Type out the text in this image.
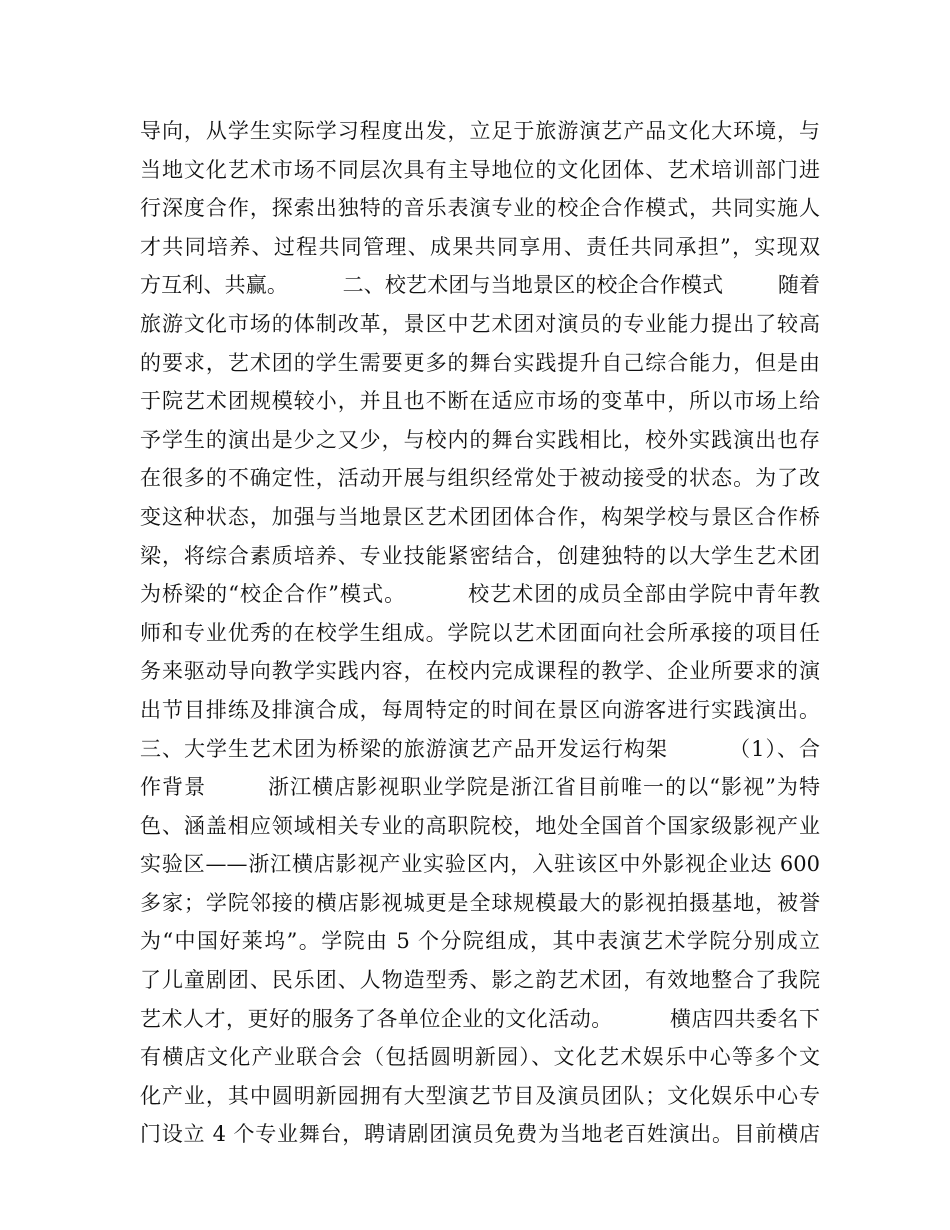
导向，从学生实际学习程度出发，立足于旅游演艺产品文化大环境，与
当地文化艺术市场不同层次具有主导地位的文化团体、艺术培训部门进
行深度合作，探索出独特的音乐表演专业的校企合作模式，共同实施人
才共同培养、过程共同管理、成果共同享用、责任共同承担”，实现双
方互利、共赢。        二、校艺术团与当地景区的校企合作模式        随着
旅游文化市场的体制改革，景区中艺术团对演员的专业能力提出了较高
的要求，艺术团的学生需要更多的舞台实践提升自己综合能力，但是由
于院艺术团规模较小，并且也不断在适应市场的变革中，所以市场上给
予学生的演出是少之又少，与校内的舞台实践相比，校外实践演出也存
在很多的不确定性，活动开展与组织经常处于被动接受的状态。为了改
变这种状态，加强与当地景区艺术团团体合作，构架学校与景区合作桥
梁，将综合素质培养、专业技能紧密结合，创建独特的以大学生艺术团
为桥梁的“校企合作”模式。        校艺术团的成员全部由学院中青年教
师和专业优秀的在校学生组成。学院以艺术团面向社会所承接的项目任
务来驱动导向教学实践内容，在校内完成课程的教学、企业所要求的演
出节目排练及排演合成，每周特定的时间在景区向游客进行实践演出。
三、大学生艺术团为桥梁的旅游演艺产品开发运行构架        （1）、合
作背景        浙江横店影视职业学院是浙江省目前唯一的以“影视”为特
色、涵盖相应领域相关专业的高职院校，地处全国首个国家级影视产业
实验区——浙江横店影视产业实验区内，入驻该区中外影视企业达 600
多家；学院邻接的横店影视城更是全球规模最大的影视拍摄基地，被誉
为“中国好莱坞”。学院由 5 个分院组成，其中表演艺术学院分别成立
了儿童剧团、民乐团、人物造型秀、影之韵艺术团，有效地整合了我院
艺术人才，更好的服务了各单位企业的文化活动。        横店四共委名下
有横店文化产业联合会（包括圆明新园）、文化艺术娱乐中心等多个文
化产业，其中圆明新园拥有大型演艺节目及演员团队；文化娱乐中心专
门设立 4 个专业舞台，聘请剧团演员免费为当地老百姓演出。目前横店
